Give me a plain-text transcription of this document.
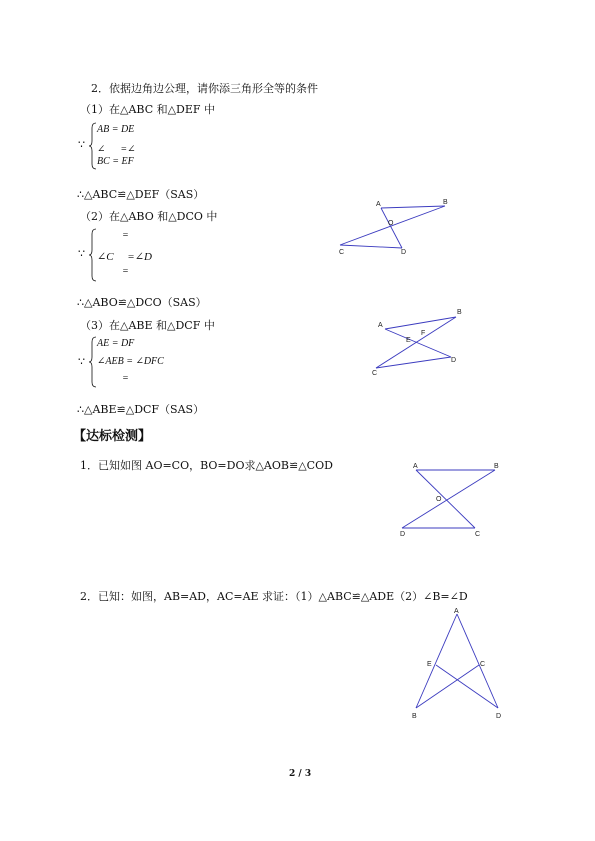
2．依据边角边公理，请你添三角形全等的条件
（1）在△ABC 和△DEF 中
∵
AB = DE
∠ 　 =∠
BC = EF
∴△ABC≌△DEF（SAS）
（2）在△ABO 和△DCO 中
∵
=
∠C 　=∠D
=
∴△ABO≌△DCO（SAS）
（3）在△ABE 和△DCF 中
∵
AE = DF
∠AEB = ∠DFC
=
∴△ABE≌△DCF（SAS）
【达标检测】
1．已知如图 AO=CO，BO=DO求△AOB≌△COD
2．已知：如图，AB=AD，AC=AE 求证：（1）△ABC≌△ADE（2）∠B=∠D
A	B
O
C	D
A
B
E
F
D
C
A	B
O
D	C
A
E	C
B	D
2 / 3
